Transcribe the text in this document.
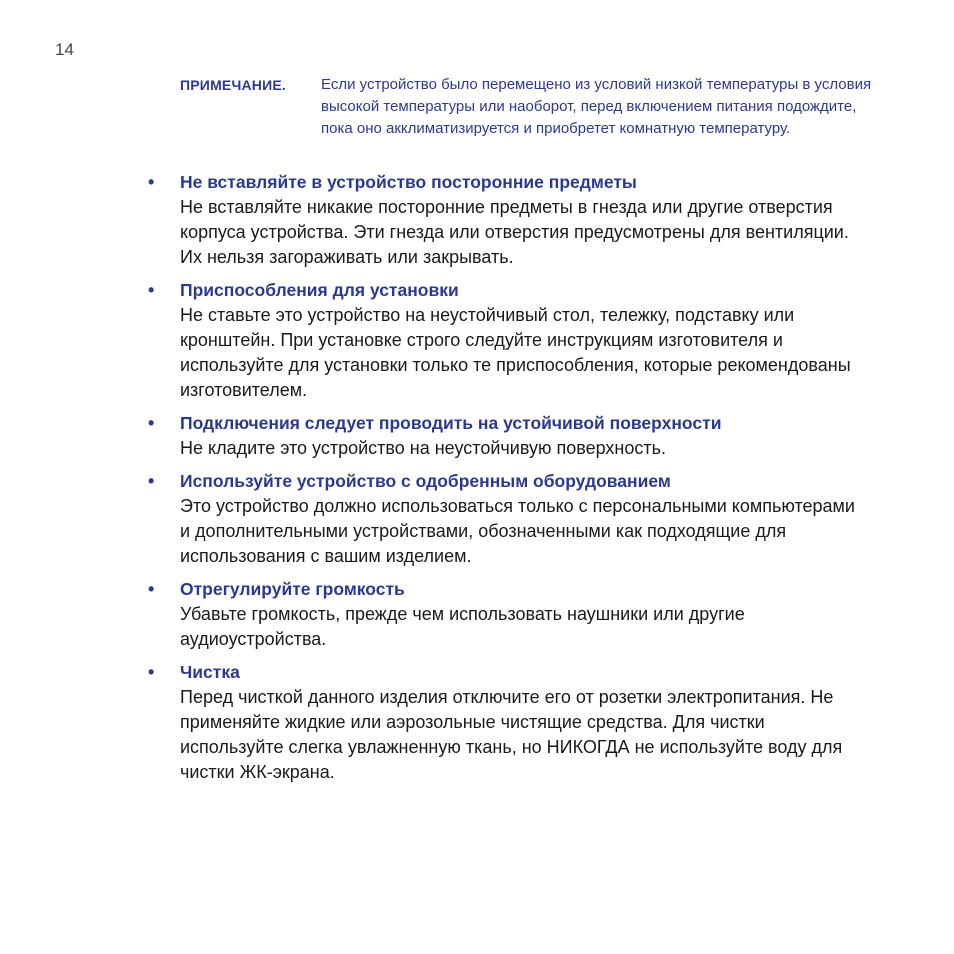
14
ПРИМЕЧАНИЕ.	Если устройство было перемещено из условий низкой температуры в условия высокой температуры или наоборот, перед включением питания подождите, пока оно акклиматизируется и приобретет комнатную температуру.
• Не вставляйте в устройство посторонние предметы
Не вставляйте никакие посторонние предметы в гнезда или другие отверстия корпуса устройства. Эти гнезда или отверстия предусмотрены для вентиляции. Их нельзя загораживать или закрывать.
• Приспособления для установки
Не ставьте это устройство на неустойчивый стол, тележку, подставку или кронштейн. При установке строго следуйте инструкциям изготовителя и используйте для установки только те приспособления, которые рекомендованы изготовителем.
• Подключения следует проводить на устойчивой поверхности
Не кладите это устройство на неустойчивую поверхность.
• Используйте устройство с одобренным оборудованием
Это устройство должно использоваться только с персональными компьютерами и дополнительными устройствами, обозначенными как подходящие для использования с вашим изделием.
• Отрегулируйте громкость
Убавьте громкость, прежде чем использовать наушники или другие аудиоустройства.
• Чистка
Перед чисткой данного изделия отключите его от розетки электропитания. Не применяйте жидкие или аэрозольные чистящие средства. Для чистки используйте слегка увлажненную ткань, но НИКОГДА не используйте воду для чистки ЖК-экрана.
